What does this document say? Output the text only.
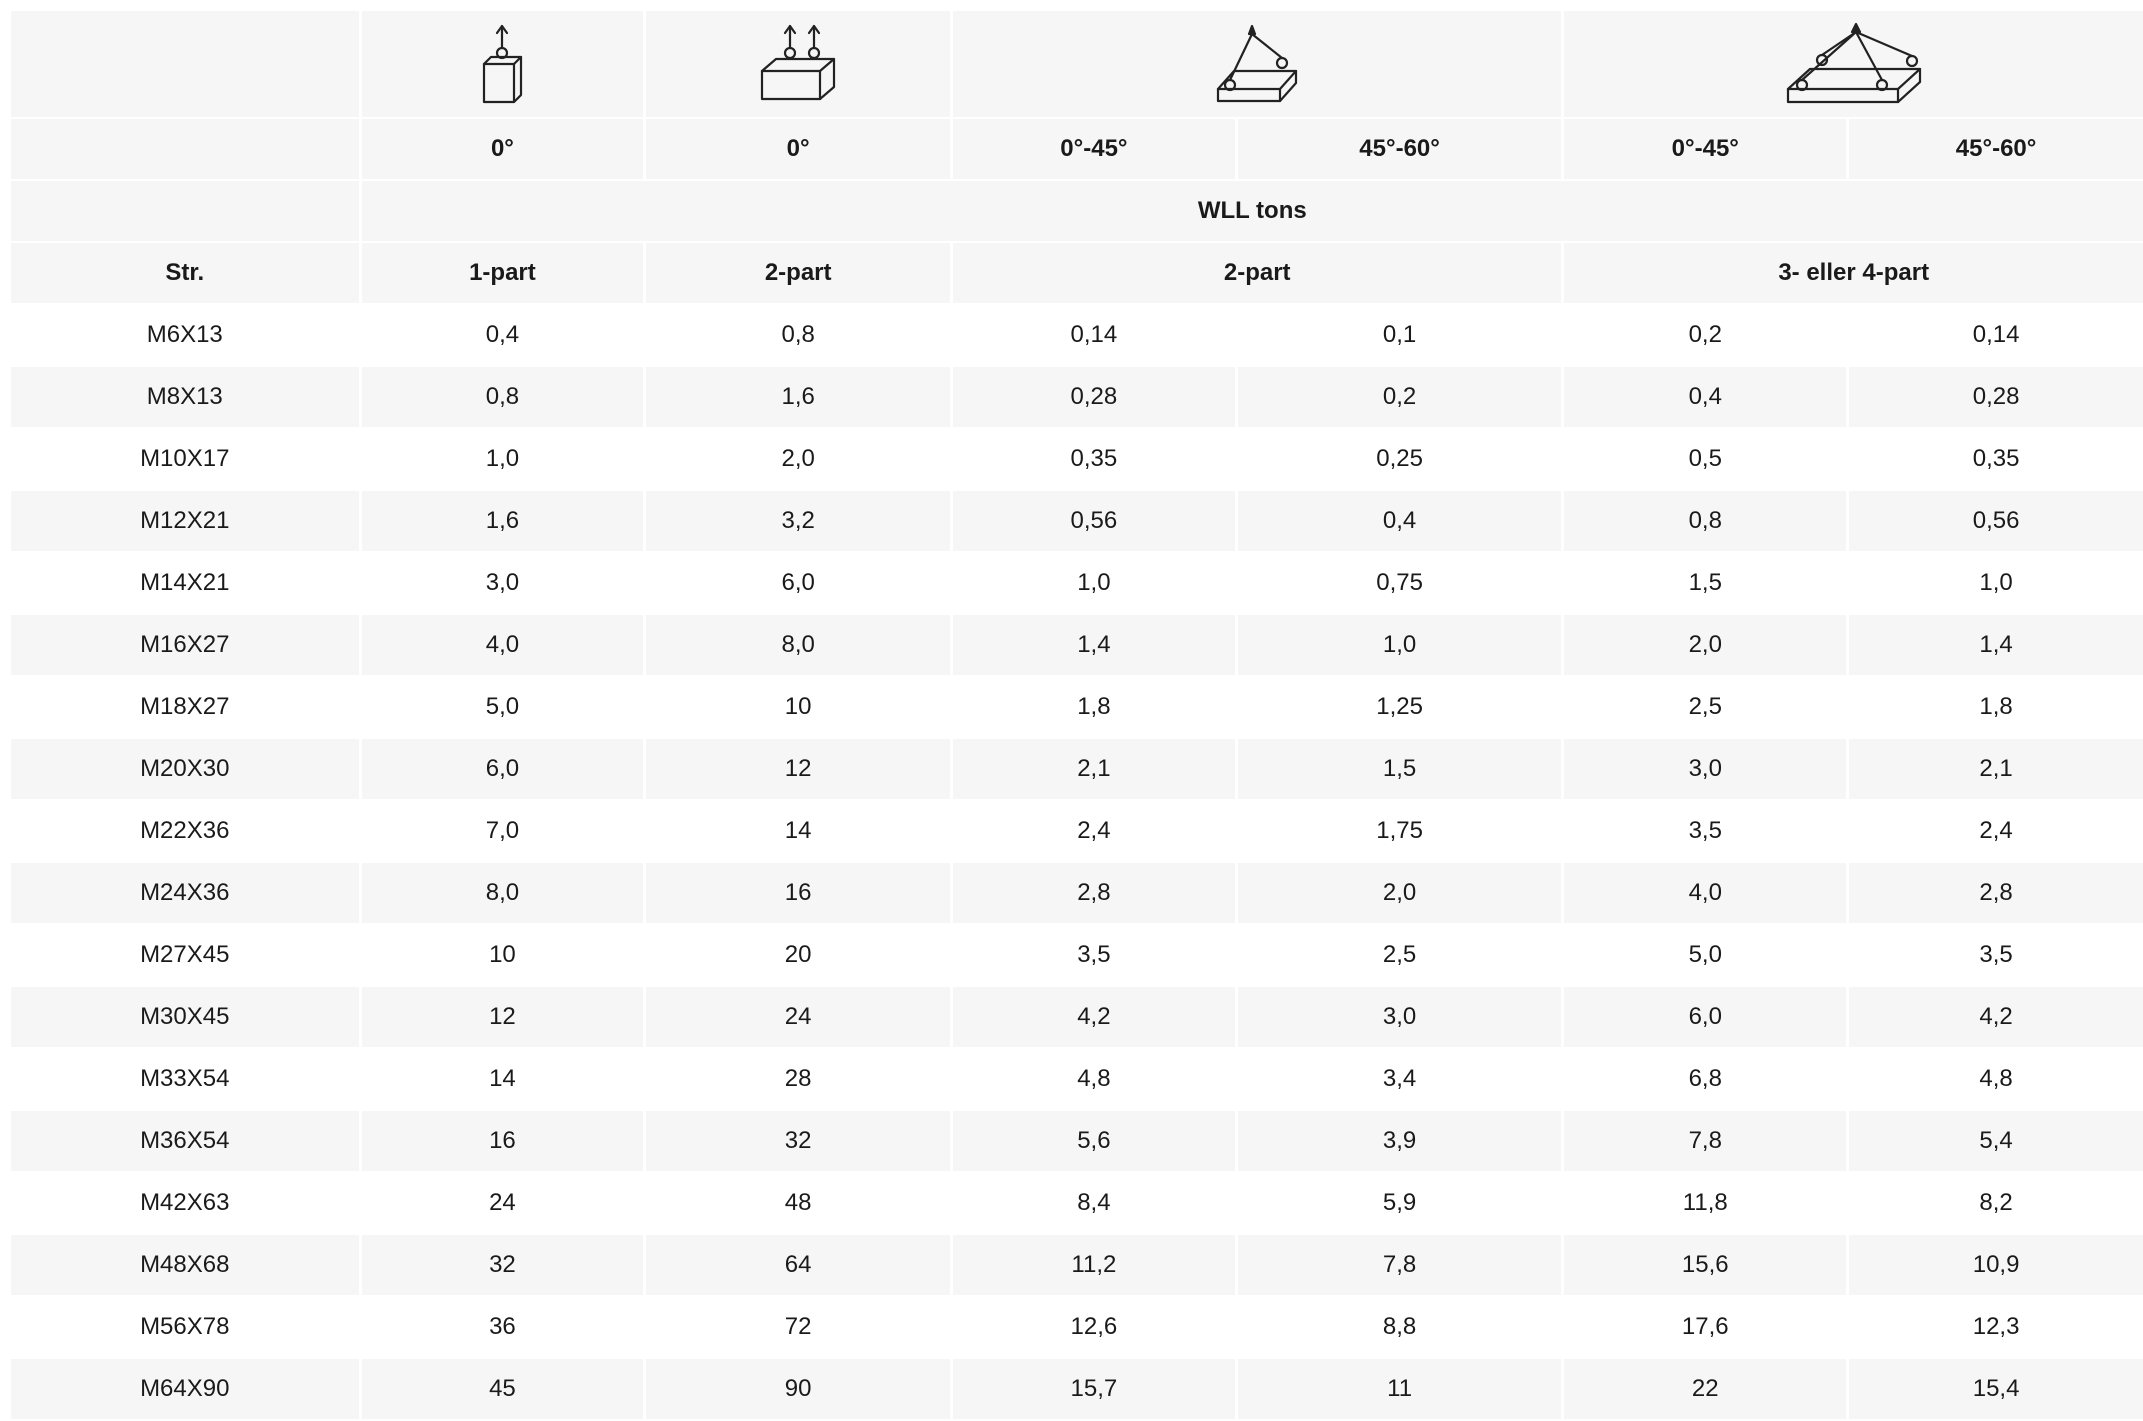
	0°	0°	0°-45°	45°-60°	0°-45°	45°-60°
	WLL tons					
Str.	1-part	2-part	2-part		3- eller 4-part	
M6X13	0,4	0,8	0,14	0,1	0,2	0,14
M8X13	0,8	1,6	0,28	0,2	0,4	0,28
M10X17	1,0	2,0	0,35	0,25	0,5	0,35
M12X21	1,6	3,2	0,56	0,4	0,8	0,56
M14X21	3,0	6,0	1,0	0,75	1,5	1,0
M16X27	4,0	8,0	1,4	1,0	2,0	1,4
M18X27	5,0	10	1,8	1,25	2,5	1,8
M20X30	6,0	12	2,1	1,5	3,0	2,1
M22X36	7,0	14	2,4	1,75	3,5	2,4
M24X36	8,0	16	2,8	2,0	4,0	2,8
M27X45	10	20	3,5	2,5	5,0	3,5
M30X45	12	24	4,2	3,0	6,0	4,2
M33X54	14	28	4,8	3,4	6,8	4,8
M36X54	16	32	5,6	3,9	7,8	5,4
M42X63	24	48	8,4	5,9	11,8	8,2
M48X68	32	64	11,2	7,8	15,6	10,9
M56X78	36	72	12,6	8,8	17,6	12,3
M64X90	45	90	15,7	11	22	15,4
